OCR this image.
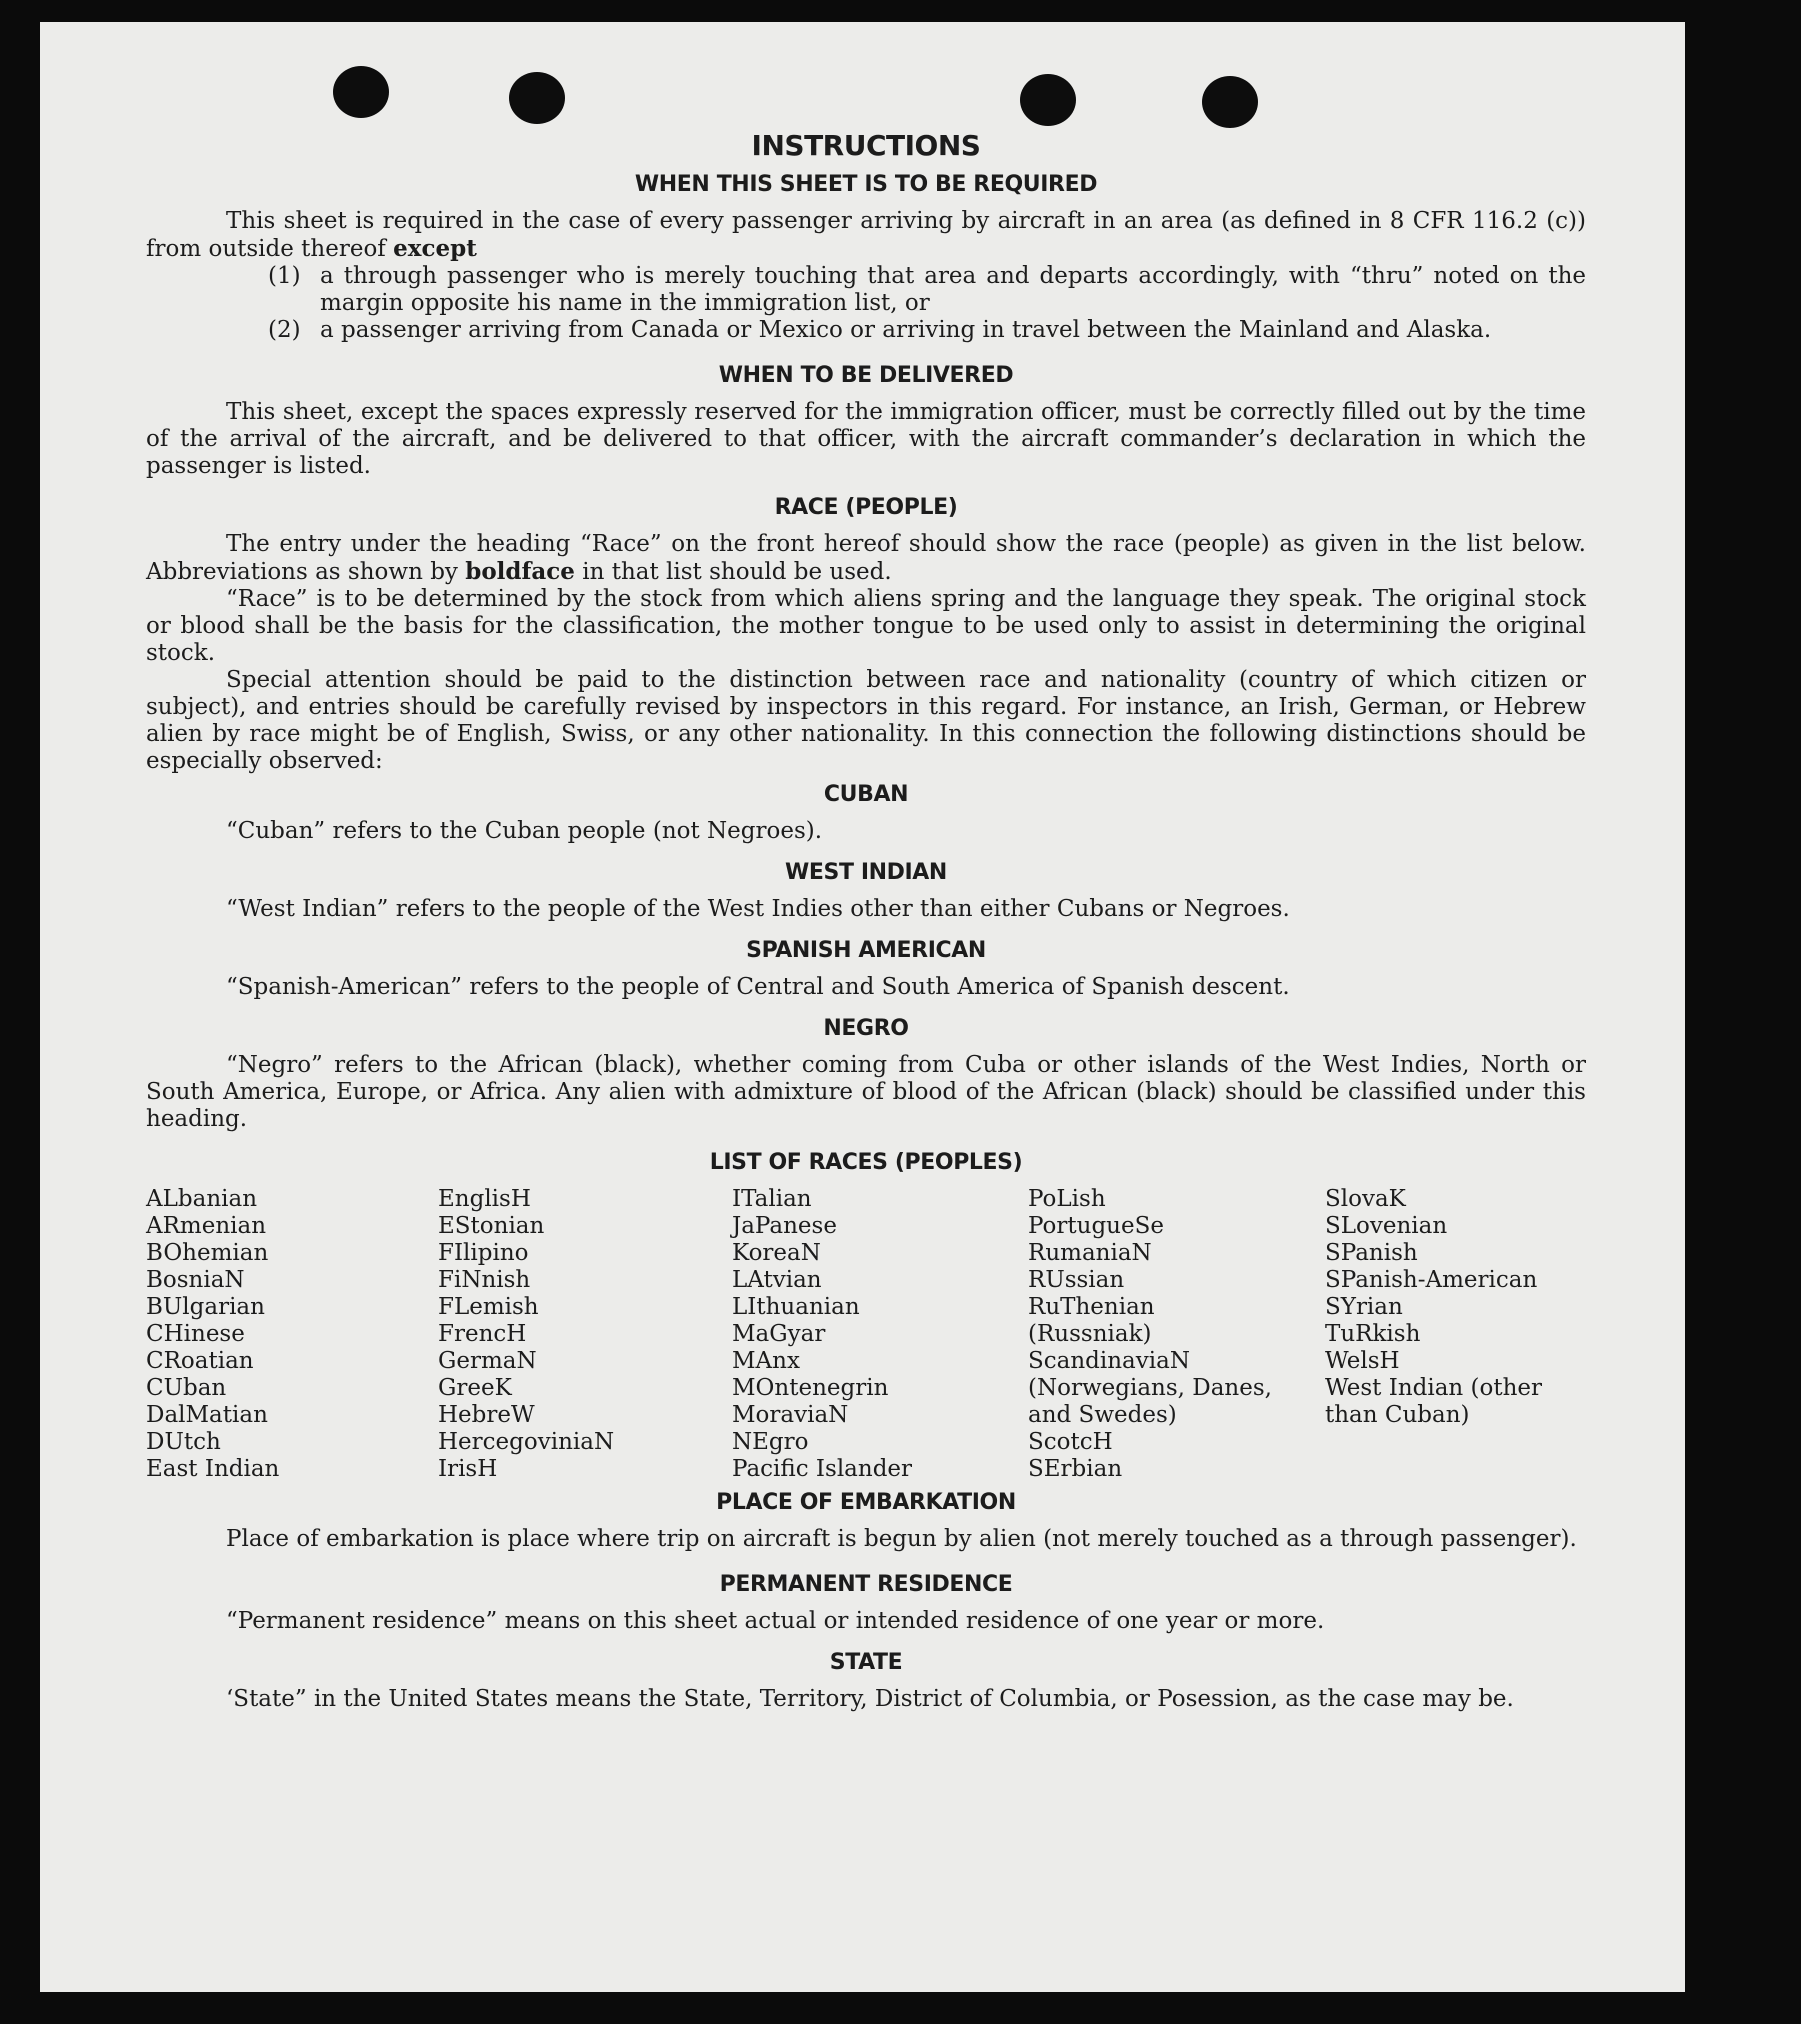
INSTRUCTIONS
WHEN THIS SHEET IS TO BE REQUIRED

This sheet is required in the case of every passenger arriving by aircraft in an area (as defined in 8 CFR 116.2 (c)) from outside thereof except

(1) a through passenger who is merely touching that area and departs accordingly, with “thru” noted on the margin opposite his name in the immigration list, or
(2) a passenger arriving from Canada or Mexico or arriving in travel between the Mainland and Alaska.
WHEN TO BE DELIVERED

This sheet, except the spaces expressly reserved for the immigration officer, must be correctly filled out by the time of the arrival of the aircraft, and be delivered to that officer, with the aircraft commander’s declaration in which the passenger is listed.

RACE (PEOPLE)

The entry under the heading “Race” on the front hereof should show the race (people) as given in the list below. Abbreviations as shown by boldface in that list should be used.

“Race” is to be determined by the stock from which aliens spring and the language they speak. The original stock or blood shall be the basis for the classification, the mother tongue to be used only to assist in determining the original stock.

Special attention should be paid to the distinction between race and nationality (country of which citizen or subject), and entries should be carefully revised by inspectors in this regard. For instance, an Irish, German, or Hebrew alien by race might be of English, Swiss, or any other nationality. In this connection the following distinctions should be especially observed:

CUBAN

“Cuban” refers to the Cuban people (not Negroes).

WEST INDIAN

“West Indian” refers to the people of the West Indies other than either Cubans or Negroes.

SPANISH AMERICAN

“Spanish-American” refers to the people of Central and South America of Spanish descent.

NEGRO

“Negro” refers to the African (black), whether coming from Cuba or other islands of the West Indies, North or South America, Europe, or Africa. Any alien with admixture of blood of the African (black) should be classified under this heading.

LIST OF RACES (PEOPLES)
ALbanian
ARmenian
BOhemian
BosniaN
BUlgarian
CHinese
CRoatian
CUban
DalMatian
DUtch
East Indian
EnglisH
EStonian
FIlipino
FiNnish
FLemish
FrencH
GermaN
GreeK
HebreW
HercegoviniaN
IrisH
ITalian
JaPanese
KoreaN
LAtvian
LIthuanian
MaGyar
MAnx
MOntenegrin
MoraviaN
NEgro
Pacific Islander
PoLish
PortugueSe
RumaniaN
RUssian
RuThenian (Russniak)
ScandinaviaN (Norwegians, Danes, and Swedes)
ScotcH
SErbian
SlovaK
SLovenian
SPanish
SPanish-American
SYrian
TuRkish
WelsH
West Indian (other than Cuban)
PLACE OF EMBARKATION

Place of embarkation is place where trip on aircraft is begun by alien (not merely touched as a through passenger).

PERMANENT RESIDENCE

“Permanent residence” means on this sheet actual or intended residence of one year or more.

STATE

‘State” in the United States means the State, Territory, District of Columbia, or Posession, as the case may be.
